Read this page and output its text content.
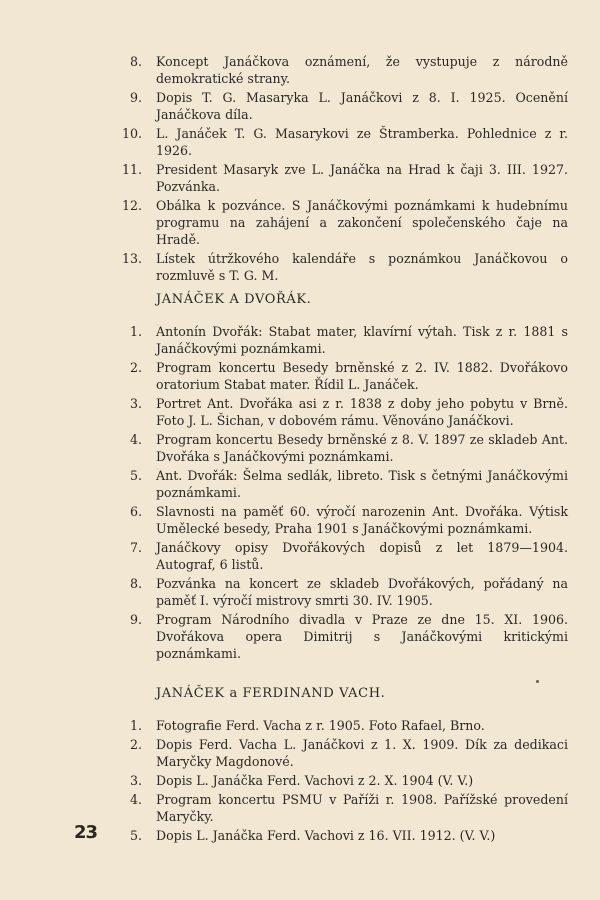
8. Koncept Janáčkova oznámení, že vystupuje z národně demokratické strany.
9. Dopis T. G. Masaryka L. Janáčkovi z 8. I. 1925. Ocenění Janáčkova díla.
10. L. Janáček T. G. Masarykovi ze Štramberka. Pohlednice z r. 1926.
11. President Masaryk zve L. Janáčka na Hrad k čaji 3. III. 1927. Pozvánka.
12. Obálka k pozvánce. S Janáčkovými poznámkami k hudebnímu programu na zahájení a zakončení společenského čaje na Hradě.
13. Lístek útržkového kalendáře s poznámkou Janáčkovou o rozmluvě s T. G. M.
JANÁČEK A DVOŘÁK.
1. Antonín Dvořák: Stabat mater, klavírní výtah. Tisk z r. 1881 s Janáčkovými poznámkami.
2. Program koncertu Besedy brněnské z 2. IV. 1882. Dvořákovo oratorium Stabat mater. Řídil L. Janáček.
3. Portret Ant. Dvořáka asi z r. 1838 z doby jeho pobytu v Brně. Foto J. L. Šichan, v dobovém rámu. Věnováno Janáčkovi.
4. Program koncertu Besedy brněnské z 8. V. 1897 ze skladeb Ant. Dvořáka s Janáčkovými poznámkami.
5. Ant. Dvořák: Šelma sedlák, libreto. Tisk s četnými Janáčkovými poznámkami.
6. Slavnosti na paměť 60. výročí narozenin Ant. Dvořáka. Výtisk Umělecké besedy, Praha 1901 s Janáčkovými poznámkami.
7. Janáčkovy opisy Dvořákových dopisů z let 1879—1904. Autograf, 6 listů.
8. Pozvánka na koncert ze skladeb Dvořákových, pořádaný na paměť I. výročí mistrovy smrti 30. IV. 1905.
9. Program Národního divadla v Praze ze dne 15. XI. 1906. Dvořákova opera Dimitrij s Janáčkovými kritickými poznámkami.
JANÁČEK a FERDINAND VACH.
1. Fotografie Ferd. Vacha z r. 1905. Foto Rafael, Brno.
2. Dopis Ferd. Vacha L. Janáčkovi z 1. X. 1909. Dík za dedikaci Maryčky Magdonové.
3. Dopis L. Janáčka Ferd. Vachovi z 2. X. 1904 (V. V.)
4. Program koncertu PSMU v Paříži r. 1908. Pařížské provedení Maryčky.
5. Dopis L. Janáčka Ferd. Vachovi z 16. VII. 1912. (V. V.)
23
